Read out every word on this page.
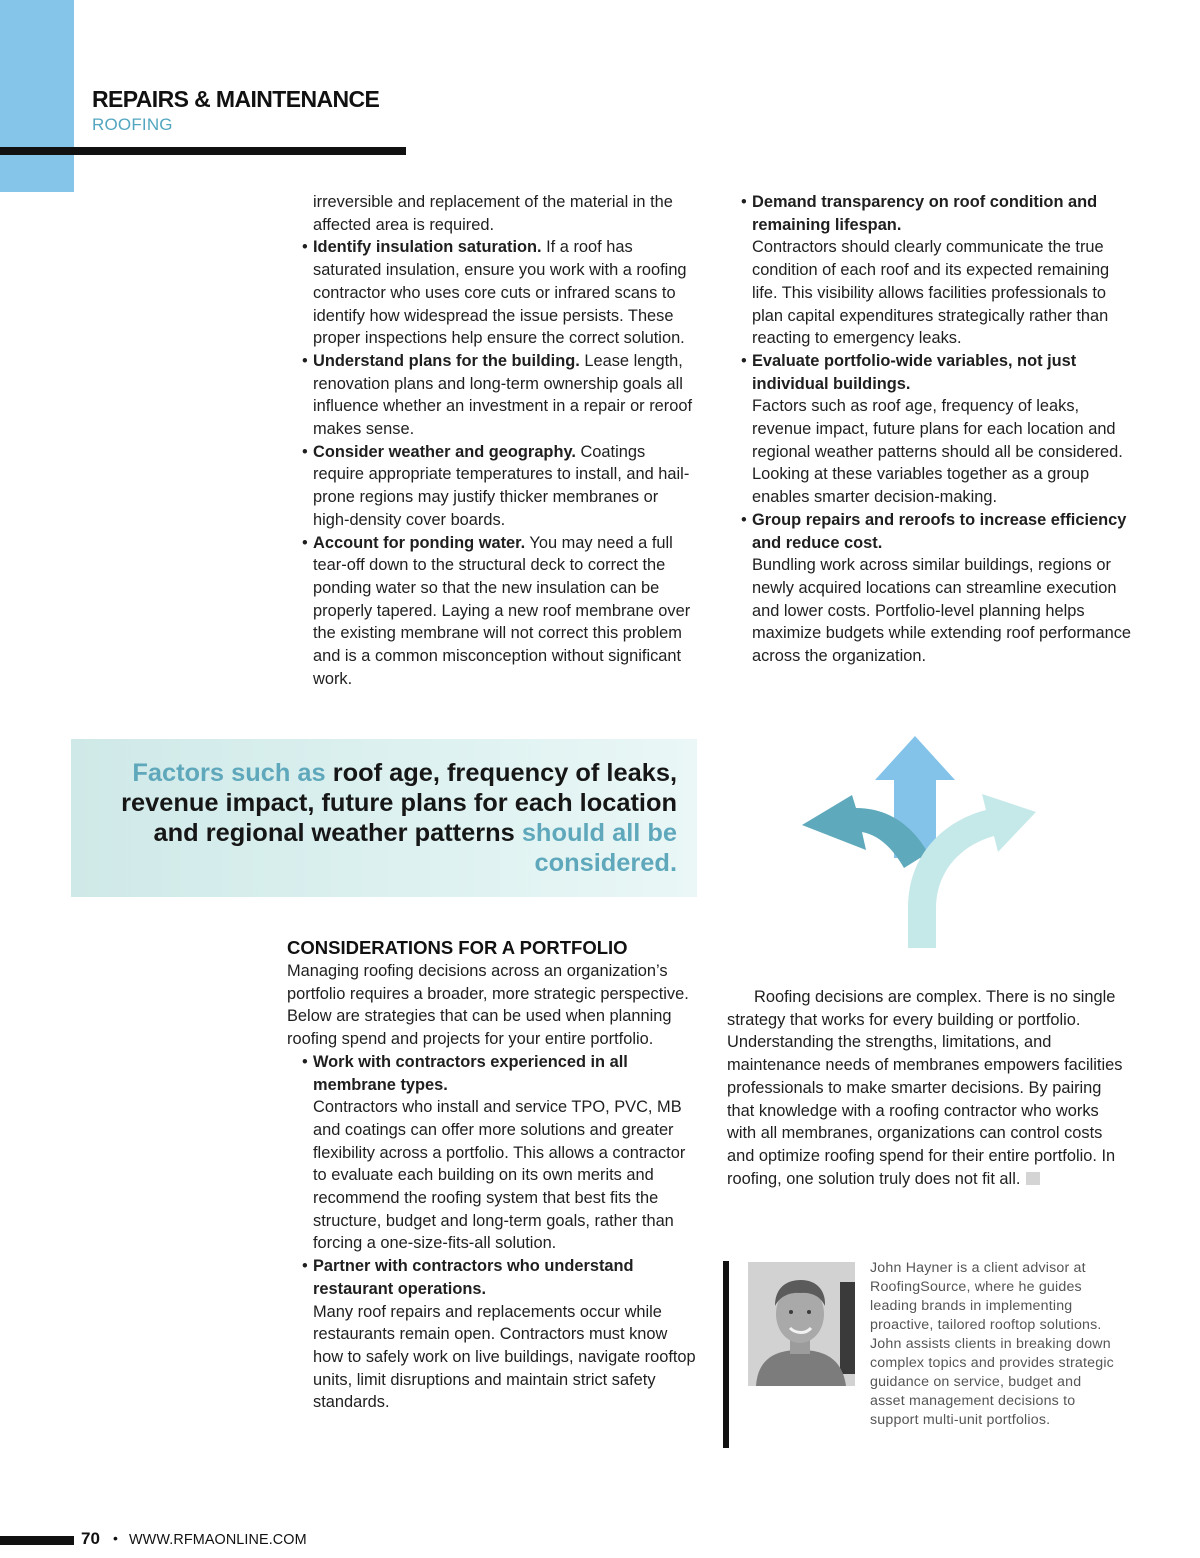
REPAIRS & MAINTENANCE
ROOFING

irreversible and replacement of the material in the affected area is required.

• Identify insulation saturation. If a roof has saturated insulation, ensure you work with a roofing contractor who uses core cuts or infrared scans to identify how widespread the issue persists. These proper inspections help ensure the correct solution.
• Understand plans for the building. Lease length, renovation plans and long-term ownership goals all influence whether an investment in a repair or reroof makes sense.
• Consider weather and geography. Coatings require appropriate temperatures to install, and hail-prone regions may justify thicker membranes or high-density cover boards.
• Account for ponding water. You may need a full tear-off down to the structural deck to correct the ponding water so that the new insulation can be properly tapered. Laying a new roof membrane over the existing membrane will not correct this problem and is a common misconception without significant work.
• Demand transparency on roof condition and remaining lifespan.
Contractors should clearly communicate the true condition of each roof and its expected remaining life. This visibility allows facilities professionals to plan capital expenditures strategically rather than reacting to emergency leaks.
• Evaluate portfolio-wide variables, not just individual buildings.
Factors such as roof age, frequency of leaks, revenue impact, future plans for each location and regional weather patterns should all be considered. Looking at these variables together as a group enables smarter decision-making.
• Group repairs and reroofs to increase efficiency and reduce cost.
Bundling work across similar buildings, regions or newly acquired locations can streamline execution and lower costs. Portfolio-level planning helps maximize budgets while extending roof performance across the organization.
Factors such as roof age, frequency of leaks, revenue impact, future plans for each location and regional weather patterns should all be considered.
CONSIDERATIONS FOR A PORTFOLIO

Managing roofing decisions across an organization’s portfolio requires a broader, more strategic perspective. Below are strategies that can be used when planning roofing spend and projects for your entire portfolio.

• Work with contractors experienced in all membrane types.
Contractors who install and service TPO, PVC, MB and coatings can offer more solutions and greater flexibility across a portfolio. This allows a contractor to evaluate each building on its own merits and recommend the roofing system that best fits the structure, budget and long-term goals, rather than forcing a one-size-fits-all solution.
• Partner with contractors who understand restaurant operations.
Many roof repairs and replacements occur while restaurants remain open. Contractors must know how to safely work on live buildings, navigate rooftop units, limit disruptions and maintain strict safety standards.

Roofing decisions are complex. There is no single strategy that works for every building or portfolio. Understanding the strengths, limitations, and maintenance needs of membranes empowers facilities professionals to make smarter decisions. By pairing that knowledge with a roofing contractor who works with all membranes, organizations can control costs and optimize roofing spend for their entire portfolio. In roofing, one solution truly does not fit all.

John Hayner is a client advisor at RoofingSource, where he guides leading brands in implementing proactive, tailored rooftop solutions. John assists clients in breaking down complex topics and provides strategic guidance on service, budget and asset management decisions to support multi-unit portfolios.
70 • WWW.RFMAONLINE.COM
